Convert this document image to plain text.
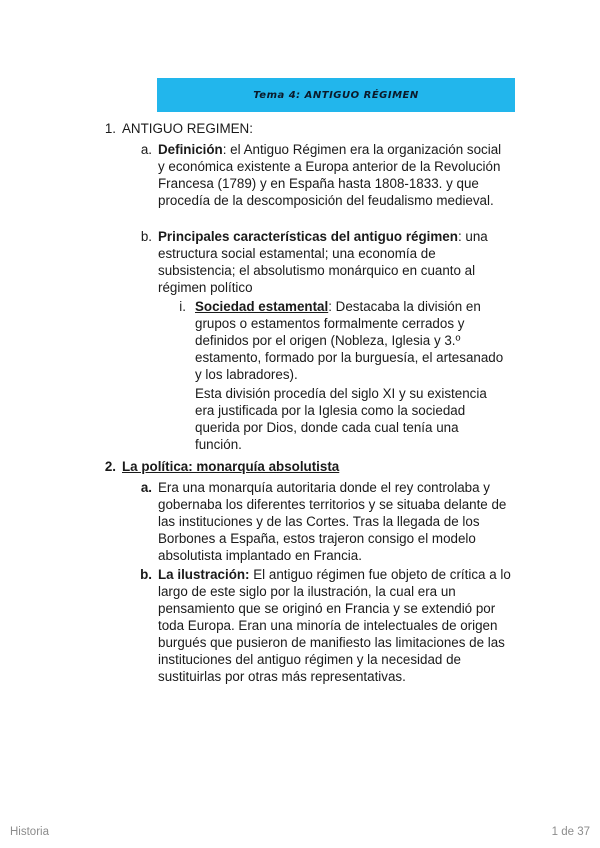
Tema 4: ANTIGUO RÉGIMEN
1. ANTIGUO REGIMEN:
a. Definición: el Antiguo Régimen era la organización social y económica existente a Europa anterior de la Revolución Francesa (1789) y en España hasta 1808-1833. y que procedía de la descomposición del feudalismo medieval.
b. Principales características del antiguo régimen: una estructura social estamental; una economía de subsistencia; el absolutismo monárquico en cuanto al régimen político
i. Sociedad estamental: Destacaba la división en grupos o estamentos formalmente cerrados y definidos por el origen (Nobleza, Iglesia y 3.º estamento, formado por la burguesía, el artesanado y los labradores).
Esta división procedía del siglo XI y su existencia era justificada por la Iglesia como la sociedad querida por Dios, donde cada cual tenía una función.
2. La política: monarquía absolutista
a. Era una monarquía autoritaria donde el rey controlaba y gobernaba los diferentes territorios y se situaba delante de las instituciones y de las Cortes. Tras la llegada de los Borbones a España, estos trajeron consigo el modelo absolutista implantado en Francia.
b. La ilustración: El antiguo régimen fue objeto de crítica a lo largo de este siglo por la ilustración, la cual era un pensamiento que se originó en Francia y se extendió por toda Europa. Eran una minoría de intelectuales de origen burgués que pusieron de manifiesto las limitaciones de las instituciones del antiguo régimen y la necesidad de sustituirlas por otras más representativas.
Historia	1 de 37
